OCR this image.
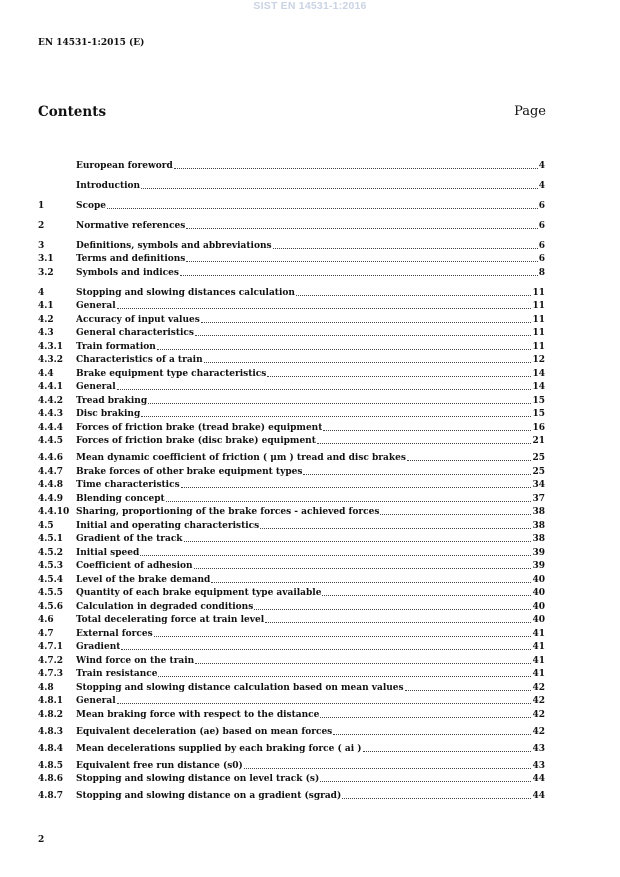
SIST EN 14531-1:2016
EN 14531-1:2015 (E)
Contents	Page
European foreword	4
Introduction	4
1	Scope	6
2	Normative references	6
3	Definitions, symbols and abbreviations	6
3.1	Terms and definitions	6
3.2	Symbols and indices	8
4	Stopping and slowing distances calculation	11
4.1	General	11
4.2	Accuracy of input values	11
4.3	General characteristics	11
4.3.1	Train formation	11
4.3.2	Characteristics of a train	12
4.4	Brake equipment type characteristics	14
4.4.1	General	14
4.4.2	Tread braking	15
4.4.3	Disc braking	15
4.4.4	Forces of friction brake (tread brake) equipment	16
4.4.5	Forces of friction brake (disc brake) equipment	21
4.4.6	Mean dynamic coefficient of friction ( μm ) tread and disc brakes	25
4.4.7	Brake forces of other brake equipment types	25
4.4.8	Time characteristics	34
4.4.9	Blending concept	37
4.4.10 Sharing, proportioning of the brake forces - achieved forces	38
4.5	Initial and operating characteristics	38
4.5.1	Gradient of the track	38
4.5.2	Initial speed	39
4.5.3	Coefficient of adhesion	39
4.5.4	Level of the brake demand	40
4.5.5	Quantity of each brake equipment type available	40
4.5.6	Calculation in degraded conditions	40
4.6	Total decelerating force at train level	40
4.7	External forces	41
4.7.1	Gradient	41
4.7.2	Wind force on the train	41
4.7.3	Train resistance	41
4.8	Stopping and slowing distance calculation based on mean values	42
4.8.1	General	42
4.8.2	Mean braking force with respect to the distance	42
4.8.3	Equivalent deceleration (ae) based on mean forces	42
4.8.4	Mean decelerations supplied by each braking force ( ai )	43
4.8.5	Equivalent free run distance (s0)	43
4.8.6	Stopping and slowing distance on level track (s)	44
4.8.7	Stopping and slowing distance on a gradient (sgrad)	44
2
